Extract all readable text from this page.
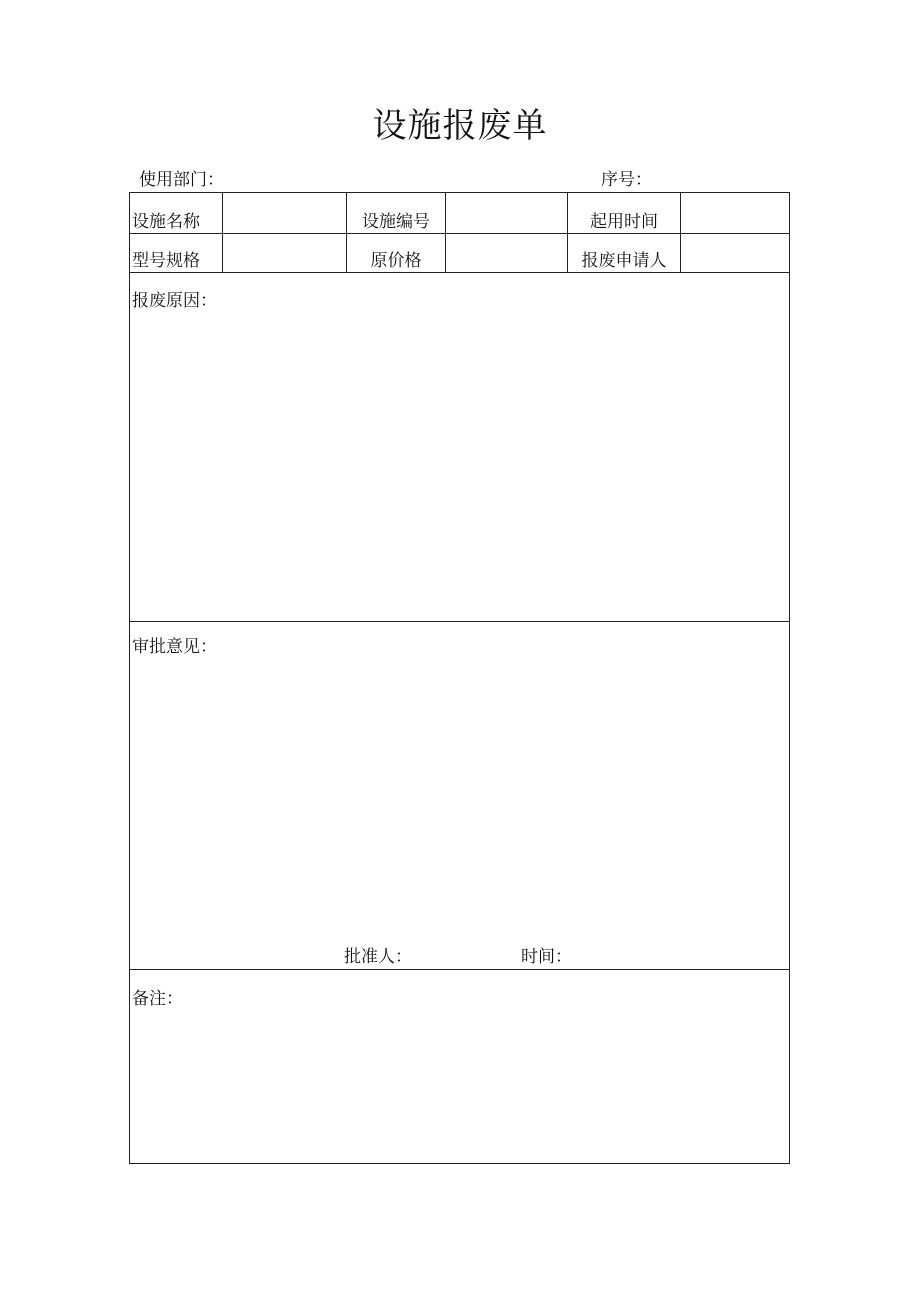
设施报废单
使用部门：	序号：
设施名称	设施编号	起用时间
型号规格	原价格	报废申请人
报废原因：
审批意见：
批准人：	时间：
备注：
